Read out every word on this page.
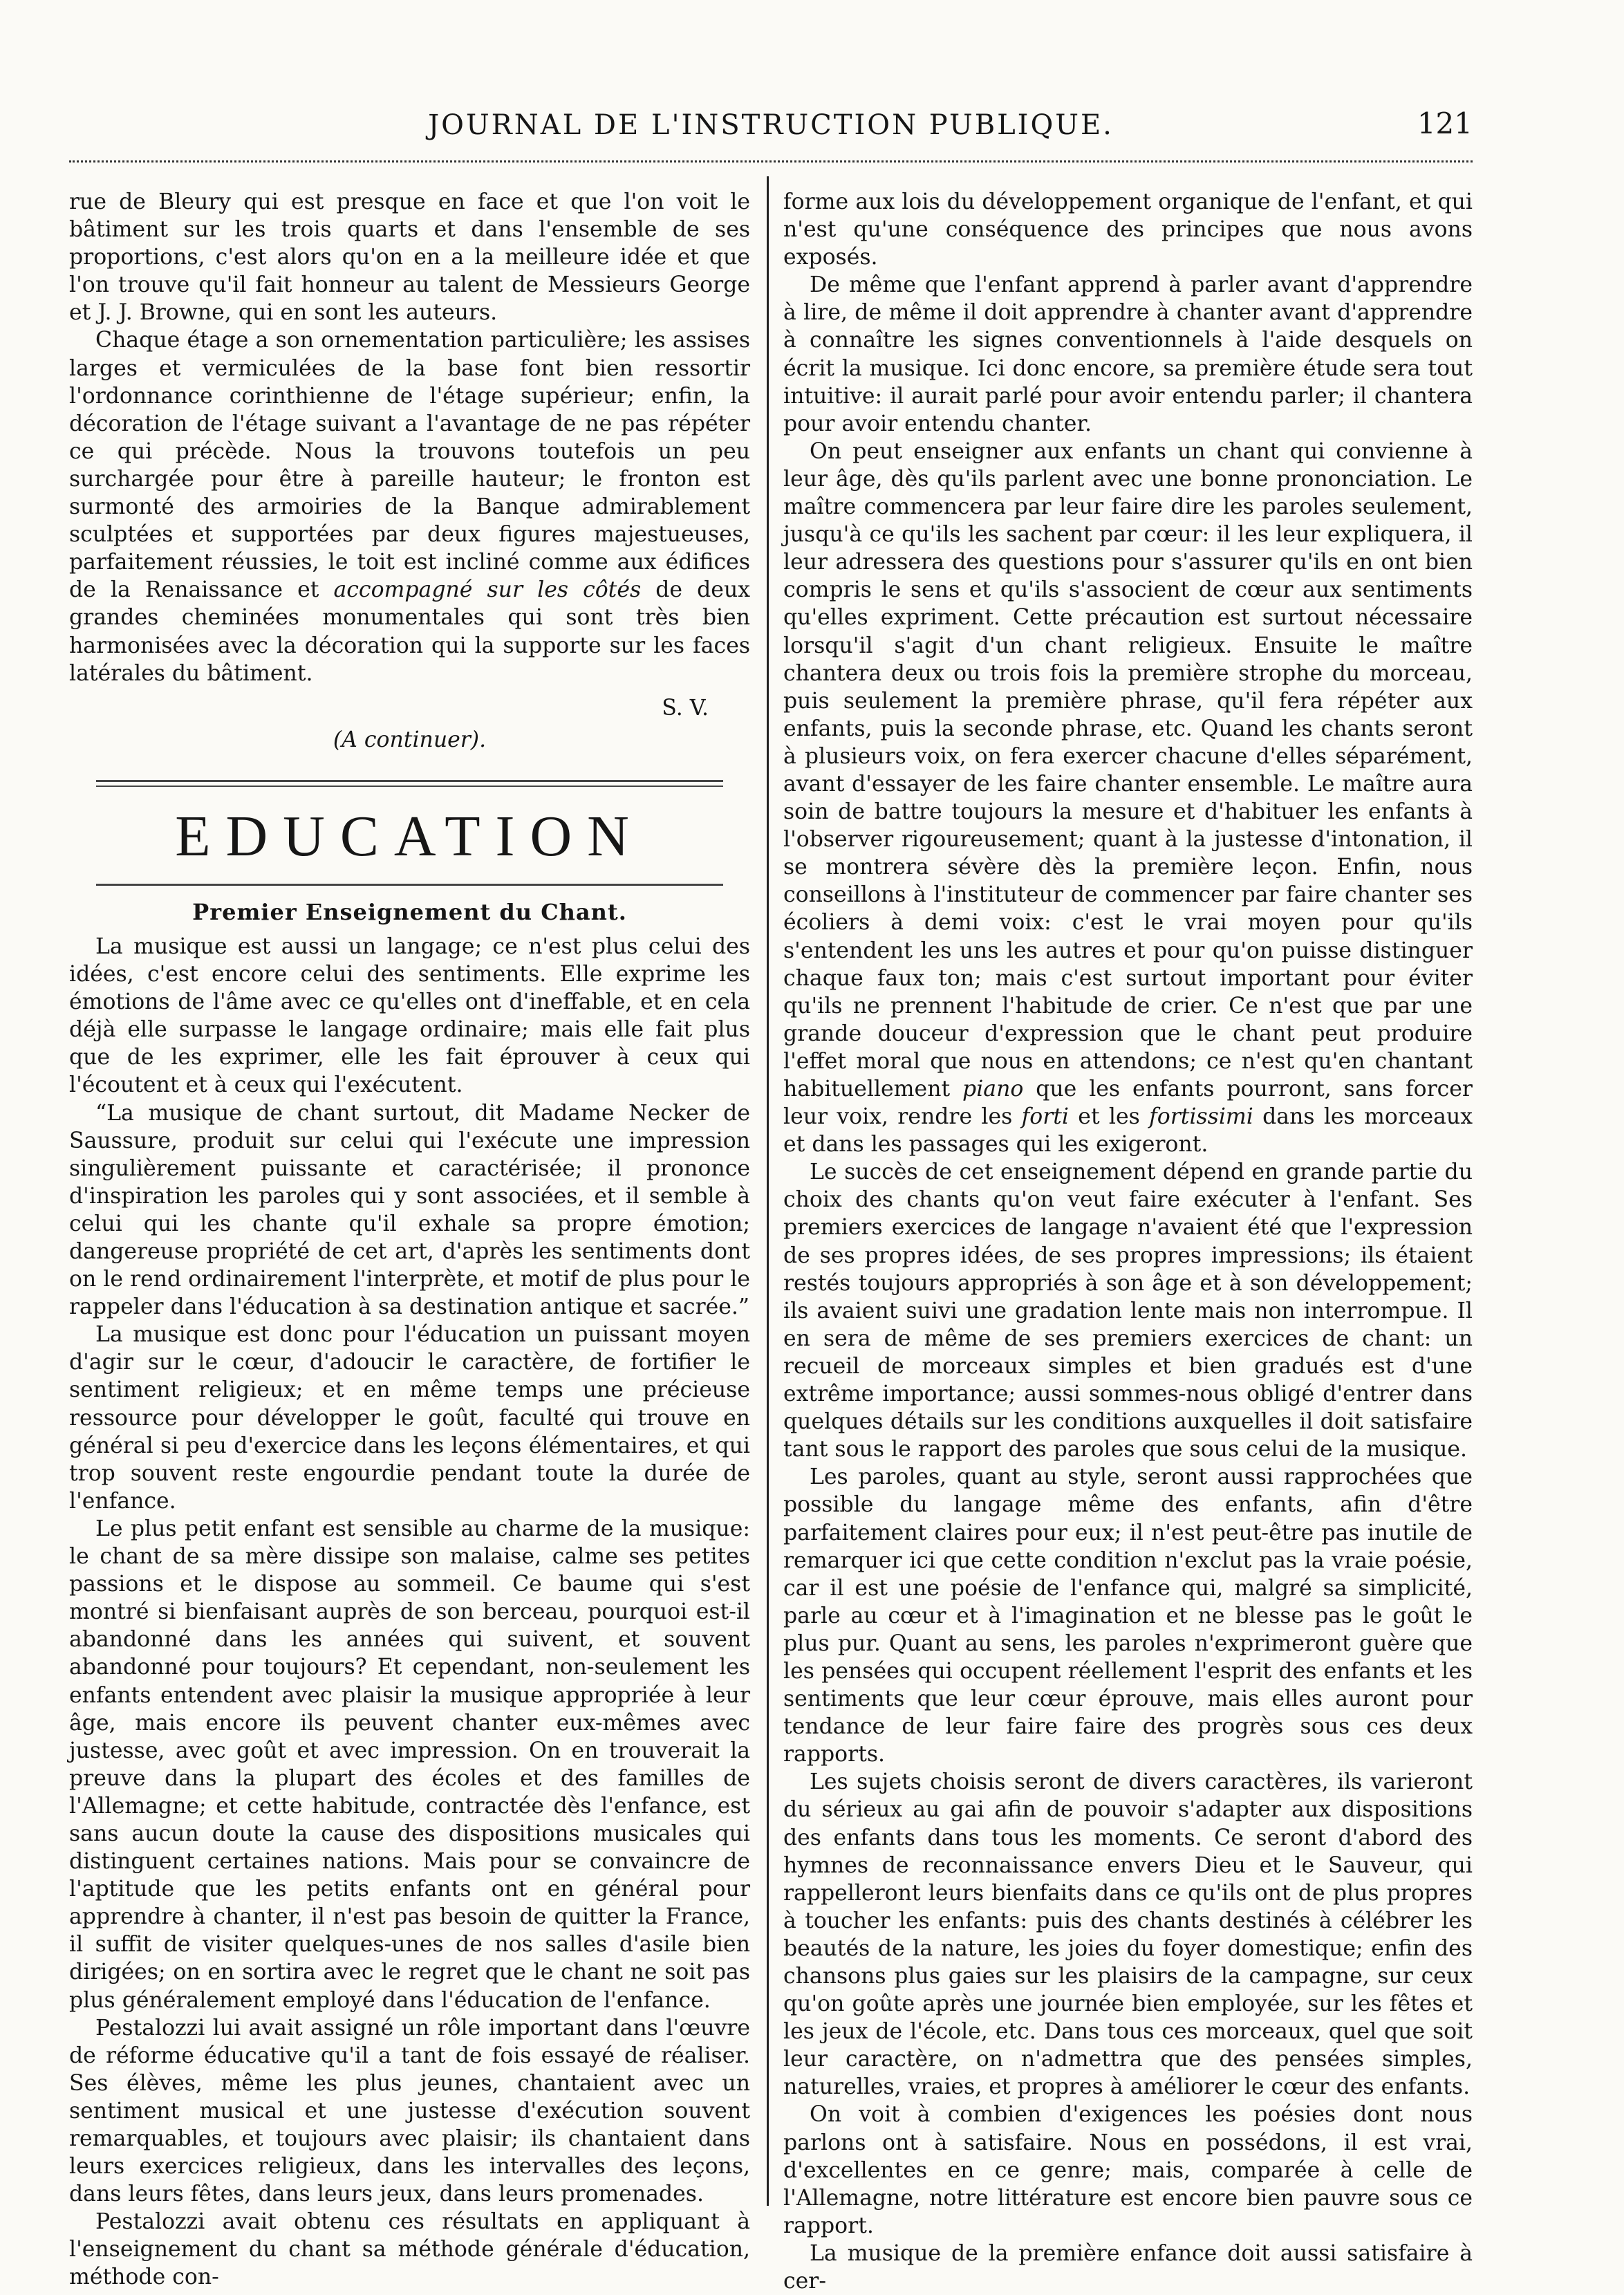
JOURNAL DE L'INSTRUCTION PUBLIQUE.	121

rue de Bleury qui est presque en face et que l'on voit le bâtiment sur les trois quarts et dans l'ensemble de ses proportions, c'est alors qu'on en a la meilleure idée et que l'on trouve qu'il fait honneur au talent de Messieurs George et J. J. Browne, qui en sont les auteurs.

Chaque étage a son ornementation particulière; les assises larges et vermiculées de la base font bien ressortir l'ordonnance corinthienne de l'étage supérieur; enfin, la décoration de l'étage suivant a l'avantage de ne pas répéter ce qui précède. Nous la trouvons toutefois un peu surchargée pour être à pareille hauteur; le fronton est surmonté des armoiries de la Banque admirablement sculptées et supportées par deux figures majestueuses, parfaitement réussies, le toit est incliné comme aux édifices de la Renaissance et accompagné sur les côtés de deux grandes cheminées monumentales qui sont très bien harmonisées avec la décoration qui la supporte sur les faces latérales du bâtiment.

S. V.
(A continuer).
EDUCATION
Premier Enseignement du Chant.

La musique est aussi un langage; ce n'est plus celui des idées, c'est encore celui des sentiments. Elle exprime les émotions de l'âme avec ce qu'elles ont d'ineffable, et en cela déjà elle surpasse le langage ordinaire; mais elle fait plus que de les exprimer, elle les fait éprouver à ceux qui l'écoutent et à ceux qui l'exécutent.

“La musique de chant surtout, dit Madame Necker de Saussure, produit sur celui qui l'exécute une impression singulièrement puissante et caractérisée; il prononce d'inspiration les paroles qui y sont associées, et il semble à celui qui les chante qu'il exhale sa propre émotion; dangereuse propriété de cet art, d'après les sentiments dont on le rend ordinairement l'interprète, et motif de plus pour le rappeler dans l'éducation à sa destination antique et sacrée.”

La musique est donc pour l'éducation un puissant moyen d'agir sur le cœur, d'adoucir le caractère, de fortifier le sentiment religieux; et en même temps une précieuse ressource pour développer le goût, faculté qui trouve en général si peu d'exercice dans les leçons élémentaires, et qui trop souvent reste engourdie pendant toute la durée de l'enfance.

Le plus petit enfant est sensible au charme de la musique: le chant de sa mère dissipe son malaise, calme ses petites passions et le dispose au sommeil. Ce baume qui s'est montré si bienfaisant auprès de son berceau, pourquoi est-il abandonné dans les années qui suivent, et souvent abandonné pour toujours? Et cependant, non-seulement les enfants entendent avec plaisir la musique appropriée à leur âge, mais encore ils peuvent chanter eux-mêmes avec justesse, avec goût et avec impression. On en trouverait la preuve dans la plupart des écoles et des familles de l'Allemagne; et cette habitude, contractée dès l'enfance, est sans aucun doute la cause des dispositions musicales qui distinguent certaines nations. Mais pour se convaincre de l'aptitude que les petits enfants ont en général pour apprendre à chanter, il n'est pas besoin de quitter la France, il suffit de visiter quelques-unes de nos salles d'asile bien dirigées; on en sortira avec le regret que le chant ne soit pas plus généralement employé dans l'éducation de l'enfance.

Pestalozzi lui avait assigné un rôle important dans l'œuvre de réforme éducative qu'il a tant de fois essayé de réaliser. Ses élèves, même les plus jeunes, chantaient avec un sentiment musical et une justesse d'exécution souvent remarquables, et toujours avec plaisir; ils chantaient dans leurs exercices religieux, dans les intervalles des leçons, dans leurs fêtes, dans leurs jeux, dans leurs promenades.

Pestalozzi avait obtenu ces résultats en appliquant à l'enseignement du chant sa méthode générale d'éducation, méthode con-

forme aux lois du développement organique de l'enfant, et qui n'est qu'une conséquence des principes que nous avons exposés.

De même que l'enfant apprend à parler avant d'apprendre à lire, de même il doit apprendre à chanter avant d'apprendre à connaître les signes conventionnels à l'aide desquels on écrit la musique. Ici donc encore, sa première étude sera tout intuitive: il aurait parlé pour avoir entendu parler; il chantera pour avoir entendu chanter.

On peut enseigner aux enfants un chant qui convienne à leur âge, dès qu'ils parlent avec une bonne prononciation. Le maître commencera par leur faire dire les paroles seulement, jusqu'à ce qu'ils les sachent par cœur: il les leur expliquera, il leur adressera des questions pour s'assurer qu'ils en ont bien compris le sens et qu'ils s'associent de cœur aux sentiments qu'elles expriment. Cette précaution est surtout nécessaire lorsqu'il s'agit d'un chant religieux. Ensuite le maître chantera deux ou trois fois la première strophe du morceau, puis seulement la première phrase, qu'il fera répéter aux enfants, puis la seconde phrase, etc. Quand les chants seront à plusieurs voix, on fera exercer chacune d'elles séparément, avant d'essayer de les faire chanter ensemble. Le maître aura soin de battre toujours la mesure et d'habituer les enfants à l'observer rigoureusement; quant à la justesse d'intonation, il se montrera sévère dès la première leçon. Enfin, nous conseillons à l'instituteur de commencer par faire chanter ses écoliers à demi voix: c'est le vrai moyen pour qu'ils s'entendent les uns les autres et pour qu'on puisse distinguer chaque faux ton; mais c'est surtout important pour éviter qu'ils ne prennent l'habitude de crier. Ce n'est que par une grande douceur d'expression que le chant peut produire l'effet moral que nous en attendons; ce n'est qu'en chantant habituellement piano que les enfants pourront, sans forcer leur voix, rendre les forti et les fortissimi dans les morceaux et dans les passages qui les exigeront.

Le succès de cet enseignement dépend en grande partie du choix des chants qu'on veut faire exécuter à l'enfant. Ses premiers exercices de langage n'avaient été que l'expression de ses propres idées, de ses propres impressions; ils étaient restés toujours appropriés à son âge et à son développement; ils avaient suivi une gradation lente mais non interrompue. Il en sera de même de ses premiers exercices de chant: un recueil de morceaux simples et bien gradués est d'une extrême importance; aussi sommes-nous obligé d'entrer dans quelques détails sur les conditions auxquelles il doit satisfaire tant sous le rapport des paroles que sous celui de la musique.

Les paroles, quant au style, seront aussi rapprochées que possible du langage même des enfants, afin d'être parfaitement claires pour eux; il n'est peut-être pas inutile de remarquer ici que cette condition n'exclut pas la vraie poésie, car il est une poésie de l'enfance qui, malgré sa simplicité, parle au cœur et à l'imagination et ne blesse pas le goût le plus pur. Quant au sens, les paroles n'exprimeront guère que les pensées qui occupent réellement l'esprit des enfants et les sentiments que leur cœur éprouve, mais elles auront pour tendance de leur faire faire des progrès sous ces deux rapports.

Les sujets choisis seront de divers caractères, ils varieront du sérieux au gai afin de pouvoir s'adapter aux dispositions des enfants dans tous les moments. Ce seront d'abord des hymnes de reconnaissance envers Dieu et le Sauveur, qui rappelleront leurs bienfaits dans ce qu'ils ont de plus propres à toucher les enfants: puis des chants destinés à célébrer les beautés de la nature, les joies du foyer domestique; enfin des chansons plus gaies sur les plaisirs de la campagne, sur ceux qu'on goûte après une journée bien employée, sur les fêtes et les jeux de l'école, etc. Dans tous ces morceaux, quel que soit leur caractère, on n'admettra que des pensées simples, naturelles, vraies, et propres à améliorer le cœur des enfants.

On voit à combien d'exigences les poésies dont nous parlons ont à satisfaire. Nous en possédons, il est vrai, d'excellentes en ce genre; mais, comparée à celle de l'Allemagne, notre littérature est encore bien pauvre sous ce rapport.

La musique de la première enfance doit aussi satisfaire à cer-
